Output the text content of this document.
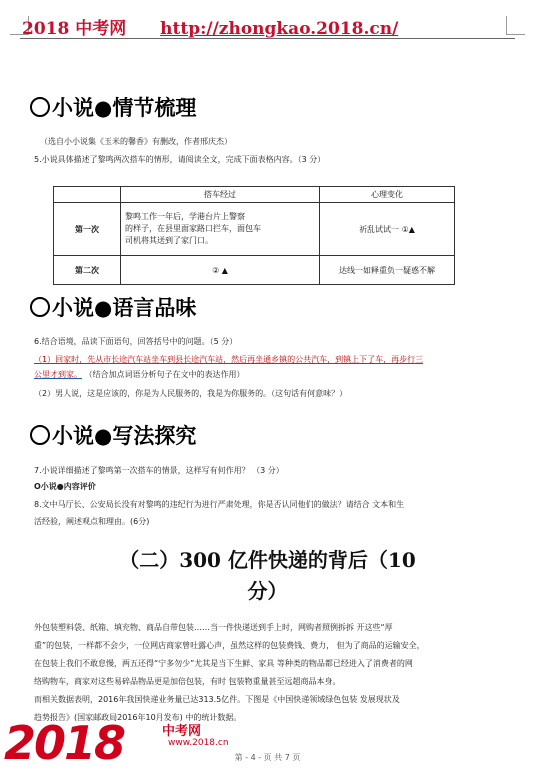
2018 中考网 http://zhongkao.2018.cn/
小说●情节梳理
（选自小小说集《玉米的馨香》有删改，作者邢庆杰）
5.小说具体描述了黎鸣两次搭车的情形，请阅读全文，完成下面表格内容。（3 分）
	搭车经过	心理变化
第一次	黎鸣工作一年后，学港台片上警察
的样子，在县里面家路口拦车，面包车
司机将其送到了家门口。	祈乱试试一 ①▲
第二次	② ▲	达线一如释重负一疑惑不解
小说●语言品味
6.结合语境，品读下面语句，回答括号中的问题。（5 分）
（1）回家时，先从市长途汽车站坐车到县长途汽车站，然后再坐通乡镇的公共汽车，到镇上下了车，再步行三
公里才到家。 （结合加点词语分析句子在文中的表达作用）
（2）男人说，这是应该的，你是为人民服务的，我是为你服务的。（这句话有何意味？）
小说●写法探究
7.小说详细描述了黎鸣第一次搭车的情景，这样写有何作用？ （3 分）
O小说●内容评价
8.文中马厅长、公安局长没有对黎鸣的违纪行为进行严肃处理，你是否认同他们的做法？请结合 文本和生
活经验，阐述观点和理由。(6分)
（二）300 亿件快递的背后（10
分）
外包装塑料袋、纸箱、填充物、商品自带包装……当一件快递送到手上时，网购者照例拆拆 开这些“厚
重”的包装，一样都不会少，一位网店商家曾吐露心声，虽然这样的包装费钱、费力， 但为了商品的运输安全，
在包装上我们不敢怠慢，两五还得“宁多勿少”尤其是当下生鲜、家具 等种类的物品都已经进入了消费者的网
络购物车，商家对这些易碎品物品更是加倍包装，有时 包装物重量甚至远超商品本身。
而相关数据表明，2016年我国快递业务量已达313.5亿件。下图是《中国快递领域绿色包装 发展现状及
趋势报告》(国家邮政局2016年10月发布) 中的统计数据。
2018	中考网
www.2018.cn
第 - 4 - 页 共 7 页
